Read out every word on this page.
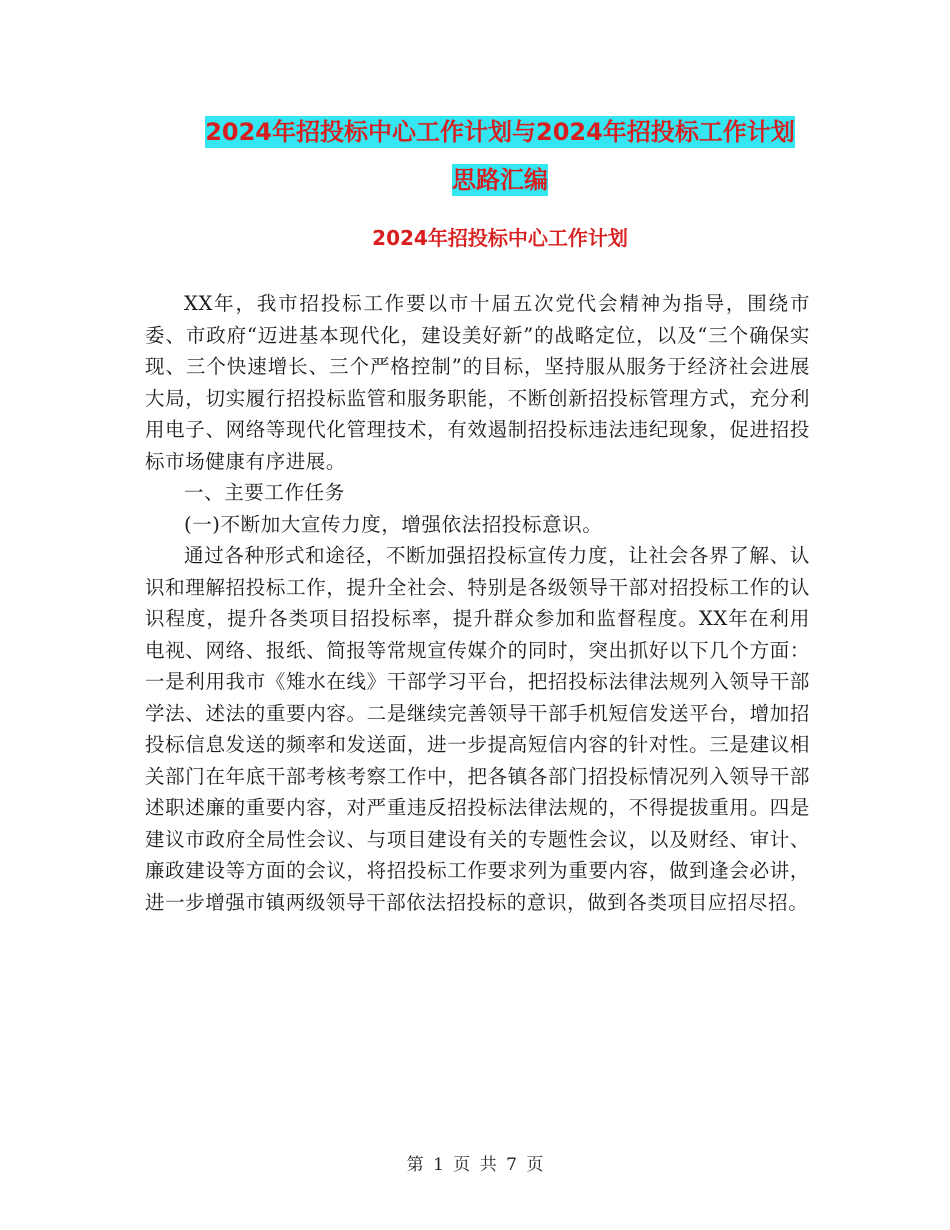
2024年招投标中心工作计划与2024年招投标工作计划
思路汇编
2024年招投标中心工作计划

XX年，我市招投标工作要以市十届五次党代会精神为指导，围绕市委、市政府“迈进基本现代化，建设美好新”的战略定位，以及“三个确保实现、三个快速增长、三个严格控制”的目标，坚持服从服务于经济社会进展大局，切实履行招投标监管和服务职能，不断创新招投标管理方式，充分利用电子、网络等现代化管理技术，有效遏制招投标违法违纪现象，促进招投标市场健康有序进展。

一、主要工作任务

(一)不断加大宣传力度，增强依法招投标意识。

通过各种形式和途径，不断加强招投标宣传力度，让社会各界了解、认识和理解招投标工作，提升全社会、特别是各级领导干部对招投标工作的认识程度，提升各类项目招投标率，提升群众参加和监督程度。XX年在利用电视、网络、报纸、简报等常规宣传媒介的同时，突出抓好以下几个方面：一是利用我市《雉水在线》干部学习平台，把招投标法律法规列入领导干部学法、述法的重要内容。二是继续完善领导干部手机短信发送平台，增加招投标信息发送的频率和发送面，进一步提高短信内容的针对性。三是建议相关部门在年底干部考核考察工作中，把各镇各部门招投标情况列入领导干部述职述廉的重要内容，对严重违反招投标法律法规的，不得提拔重用。四是建议市政府全局性会议、与项目建设有关的专题性会议，以及财经、审计、廉政建设等方面的会议，将招投标工作要求列为重要内容，做到逢会必讲，进一步增强市镇两级领导干部依法招投标的意识，做到各类项目应招尽招。

第 1 页 共 7 页
